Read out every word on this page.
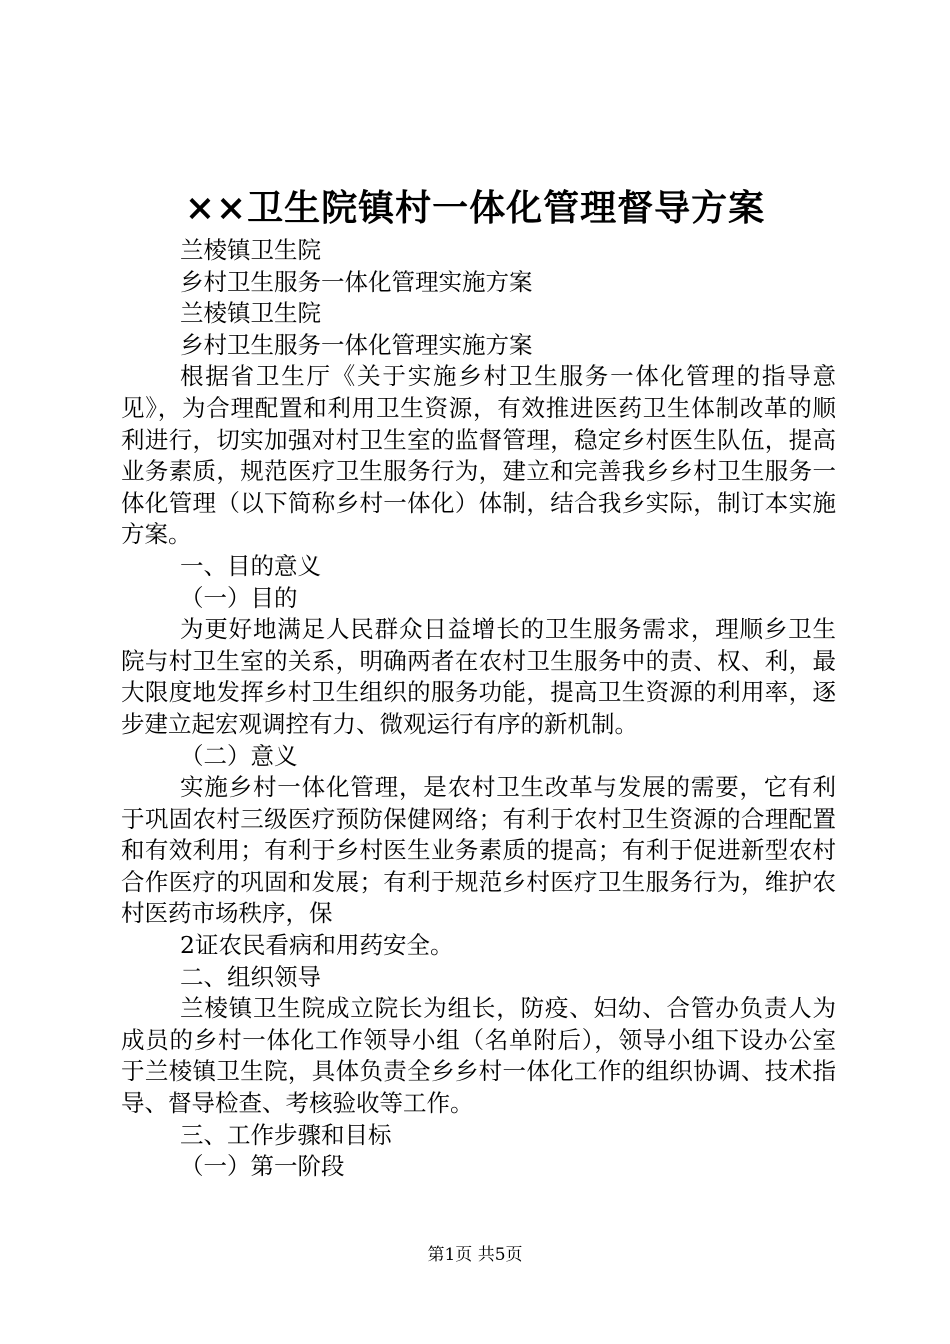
××卫生院镇村一体化管理督导方案

兰棱镇卫生院

乡村卫生服务一体化管理实施方案

兰棱镇卫生院

乡村卫生服务一体化管理实施方案

根据省卫生厅《关于实施乡村卫生服务一体化管理的指导意见》，为合理配置和利用卫生资源，有效推进医药卫生体制改革的顺利进行，切实加强对村卫生室的监督管理，稳定乡村医生队伍，提高业务素质，规范医疗卫生服务行为，建立和完善我乡乡村卫生服务一体化管理（以下简称乡村一体化）体制，结合我乡实际，制订本实施方案。

一、目的意义

（一）目的

为更好地满足人民群众日益增长的卫生服务需求，理顺乡卫生院与村卫生室的关系，明确两者在农村卫生服务中的责、权、利，最大限度地发挥乡村卫生组织的服务功能，提高卫生资源的利用率，逐步建立起宏观调控有力、微观运行有序的新机制。

（二）意义

实施乡村一体化管理，是农村卫生改革与发展的需要，它有利于巩固农村三级医疗预防保健网络；有利于农村卫生资源的合理配置和有效利用；有利于乡村医生业务素质的提高；有利于促进新型农村合作医疗的巩固和发展；有利于规范乡村医疗卫生服务行为，维护农村医药市场秩序，保

2证农民看病和用药安全。

二、组织领导

兰棱镇卫生院成立院长为组长，防疫、妇幼、合管办负责人为成员的乡村一体化工作领导小组（名单附后），领导小组下设办公室于兰棱镇卫生院，具体负责全乡乡村一体化工作的组织协调、技术指导、督导检查、考核验收等工作。

三、工作步骤和目标

（一）第一阶段

第1页 共5页
